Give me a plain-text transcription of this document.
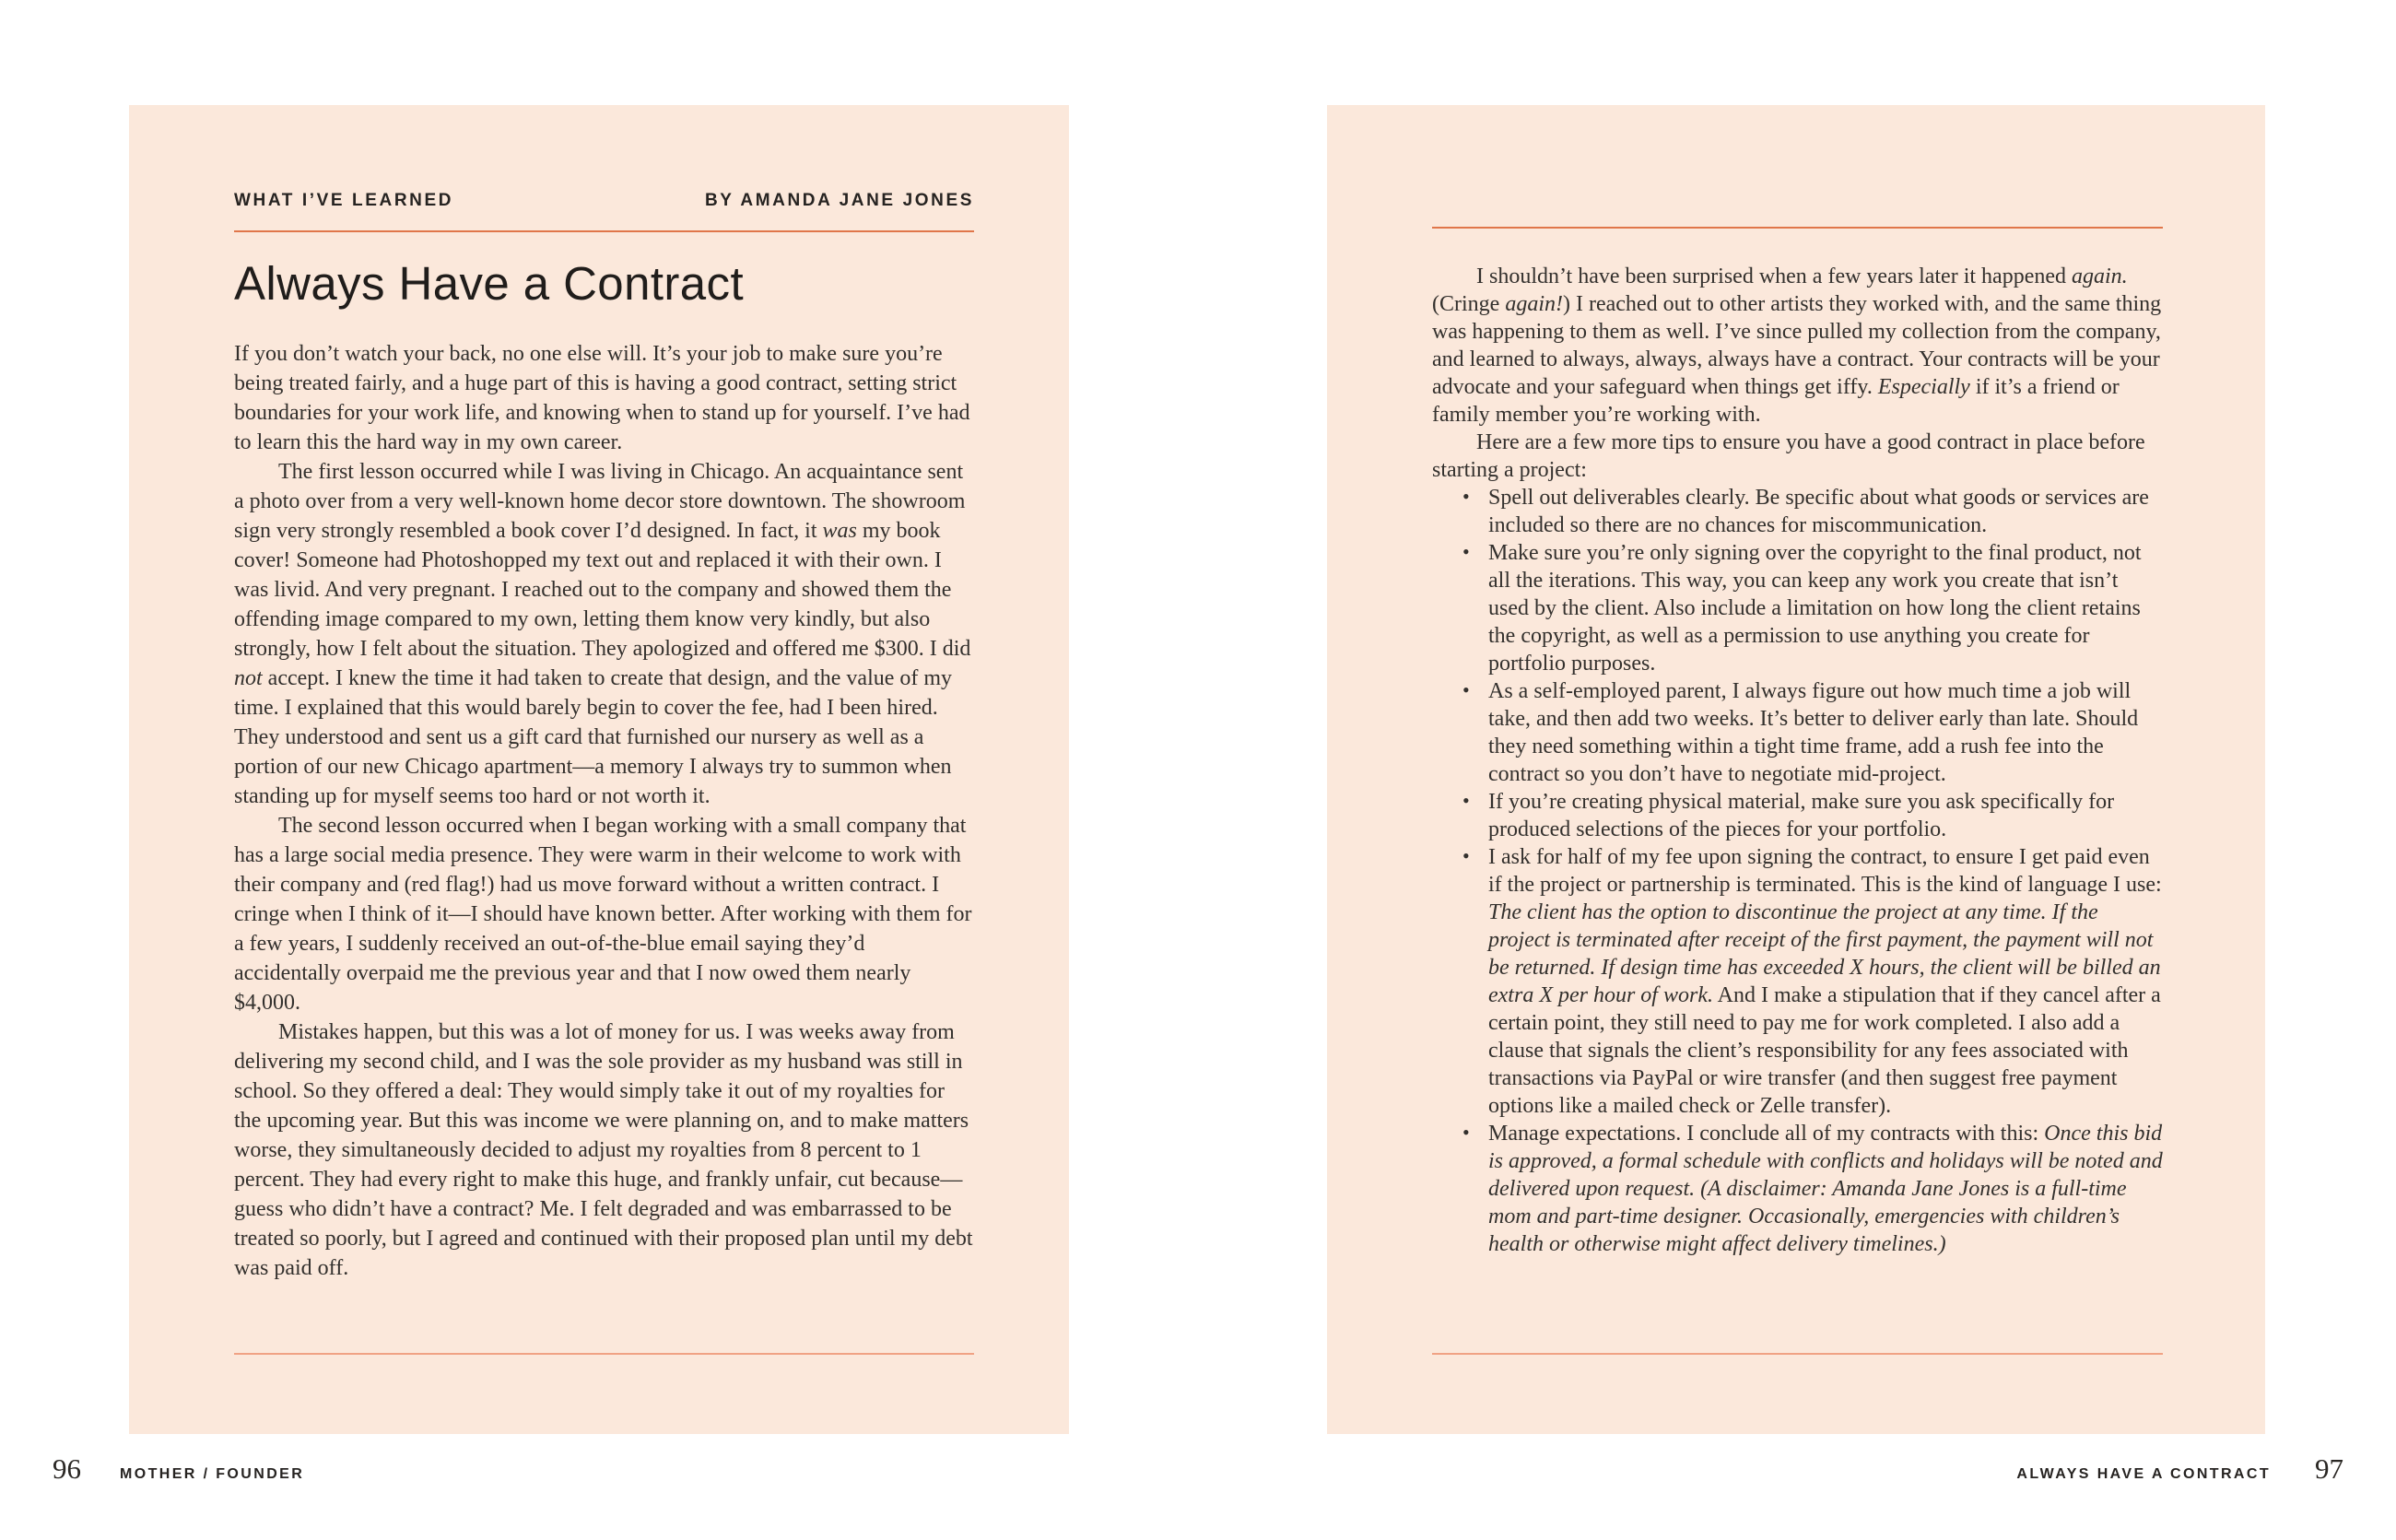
WHAT I’VE LEARNED	BY AMANDA JANE JONES
Always Have a Contract

If you don’t watch your back, no one else will. It’s your job to make sure you’re being treated fairly, and a huge part of this is having a good contract, setting strict boundaries for your work life, and knowing when to stand up for yourself. I’ve had to learn this the hard way in my own career.

The first lesson occurred while I was living in Chicago. An acquaintance sent a photo over from a very well-known home decor store downtown. The showroom sign very strongly resembled a book cover I’d designed. In fact, it was my book cover! Someone had Photoshopped my text out and replaced it with their own. I was livid. And very pregnant. I reached out to the company and showed them the offending image compared to my own, letting them know very kindly, but also strongly, how I felt about the situation. They apologized and offered me $300. I did not accept. I knew the time it had taken to create that design, and the value of my time. I explained that this would barely begin to cover the fee, had I been hired. They understood and sent us a gift card that furnished our nursery as well as a portion of our new Chicago apartment—a memory I always try to summon when standing up for myself seems too hard or not worth it.

The second lesson occurred when I began working with a small company that has a large social media presence. They were warm in their welcome to work with their company and (red flag!) had us move forward without a written contract. I cringe when I think of it—I should have known better. After working with them for a few years, I suddenly received an out-of-the-blue email saying they’d accidentally overpaid me the previous year and that I now owed them nearly $4,000.

Mistakes happen, but this was a lot of money for us. I was weeks away from delivering my second child, and I was the sole provider as my husband was still in school. So they offered a deal: They would simply take it out of my royalties for the upcoming year. But this was income we were planning on, and to make matters worse, they simultaneously decided to adjust my royalties from 8 percent to 1 percent. They had every right to make this huge, and frankly unfair, cut because—guess who didn’t have a contract? Me. I felt degraded and was embarrassed to be treated so poorly, but I agreed and continued with their proposed plan until my debt was paid off.

I shouldn’t have been surprised when a few years later it happened again. (Cringe again!) I reached out to other artists they worked with, and the same thing was happening to them as well. I’ve since pulled my collection from the company, and learned to always, always, always have a contract. Your contracts will be your advocate and your safeguard when things get iffy. Especially if it’s a friend or family member you’re working with.

Here are a few more tips to ensure you have a good contract in place before starting a project:

• Spell out deliverables clearly. Be specific about what goods or services are included so there are no chances for miscommunication.
• Make sure you’re only signing over the copyright to the final product, not all the iterations. This way, you can keep any work you create that isn’t used by the client. Also include a limitation on how long the client retains the copyright, as well as a permission to use anything you create for portfolio purposes.
• As a self-employed parent, I always figure out how much time a job will take, and then add two weeks. It’s better to deliver early than late. Should they need something within a tight time frame, add a rush fee into the contract so you don’t have to negotiate mid-project.
• If you’re creating physical material, make sure you ask specifically for produced selections of the pieces for your portfolio.
• I ask for half of my fee upon signing the contract, to ensure I get paid even if the project or partnership is terminated. This is the kind of language I use: The client has the option to discontinue the project at any time. If the project is terminated after receipt of the first payment, the payment will not be returned. If design time has exceeded X hours, the client will be billed an extra X per hour of work. And I make a stipulation that if they cancel after a certain point, they still need to pay me for work completed. I also add a clause that signals the client’s responsibility for any fees associated with transactions via PayPal or wire transfer (and then suggest free payment options like a mailed check or Zelle transfer).
• Manage expectations. I conclude all of my contracts with this: Once this bid is approved, a formal schedule with conflicts and holidays will be noted and delivered upon request. (A disclaimer: Amanda Jane Jones is a full-time mom and part-time designer. Occasionally, emergencies with children’s health or otherwise might affect delivery timelines.)
96	MOTHER / FOUNDER	ALWAYS HAVE A CONTRACT 97
